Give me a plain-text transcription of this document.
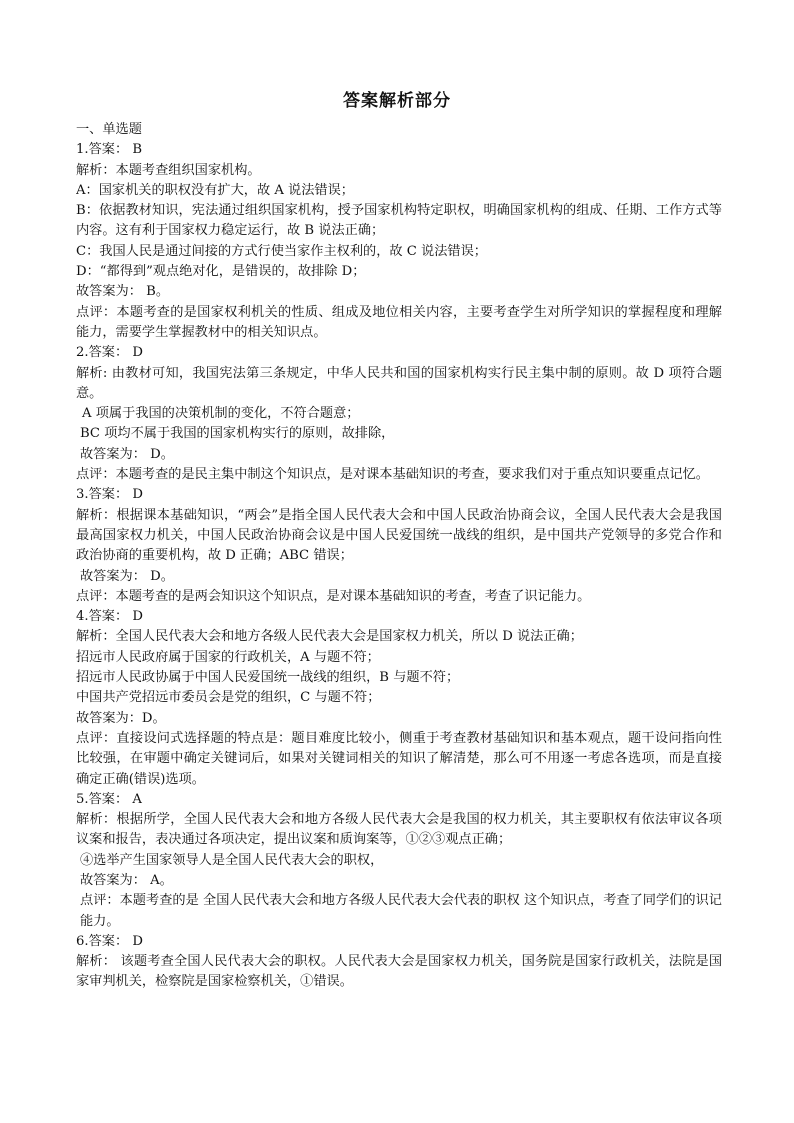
答案解析部分
一、单选题
1.答案： B
解析：本题考查组织国家机构。
A：国家机关的职权没有扩大，故 A 说法错误；
B：依据教材知识，宪法通过组织国家机构，授予国家机构特定职权，明确国家机构的组成、任期、工作方式等内容。这有利于国家权力稳定运行，故 B 说法正确；
C：我国人民是通过间接的方式行使当家作主权利的，故 C 说法错误；
D：“都得到”观点绝对化，是错误的，故排除 D；
故答案为： B。
点评：本题考查的是国家权利机关的性质、组成及地位相关内容，主要考查学生对所学知识的掌握程度和理解能力，需要学生掌握教材中的相关知识点。
2.答案： D
解析: 由教材可知，我国宪法第三条规定，中华人民共和国的国家机构实行民主集中制的原则。故 D 项符合题意。
A 项属于我国的决策机制的变化，不符合题意；
BC 项均不属于我国的国家机构实行的原则，故排除，
故答案为： D。
点评：本题考查的是民主集中制这个知识点，是对课本基础知识的考查，要求我们对于重点知识要重点记忆。
3.答案： D
解析：根据课本基础知识，“两会”是指全国人民代表大会和中国人民政治协商会议，全国人民代表大会是我国最高国家权力机关，中国人民政治协商会议是中国人民爱国统一战线的组织，是中国共产党领导的多党合作和政治协商的重要机构，故 D 正确；ABC 错误；
故答案为： D。
点评：本题考查的是两会知识这个知识点，是对课本基础知识的考查，考查了识记能力。
4.答案： D
解析：全国人民代表大会和地方各级人民代表大会是国家权力机关，所以 D 说法正确；
招远市人民政府属于国家的行政机关，A 与题不符；
招远市人民政协属于中国人民爱国统一战线的组织，B 与题不符；
中国共产党招远市委员会是党的组织，C 与题不符；
故答案为：D。
点评：直接设问式选择题的特点是：题目难度比较小，侧重于考查教材基础知识和基本观点，题干设问指向性比较强，在审题中确定关键词后，如果对关键词相关的知识了解清楚，那么可不用逐一考虑各选项，而是直接确定正确(错误)选项。
5.答案： A
解析：根据所学，全国人民代表大会和地方各级人民代表大会是我国的权力机关，其主要职权有依法审议各项议案和报告，表决通过各项决定，提出议案和质询案等，①②③观点正确；
④选举产生国家领导人是全国人民代表大会的职权，
故答案为： A。
点评：本题考查的是 全国人民代表大会和地方各级人民代表大会代表的职权 这个知识点，考查了同学们的识记能力。
6.答案： D
解析： 该题考查全国人民代表大会的职权。人民代表大会是国家权力机关，国务院是国家行政机关，法院是国家审判机关，检察院是国家检察机关，①错误。
